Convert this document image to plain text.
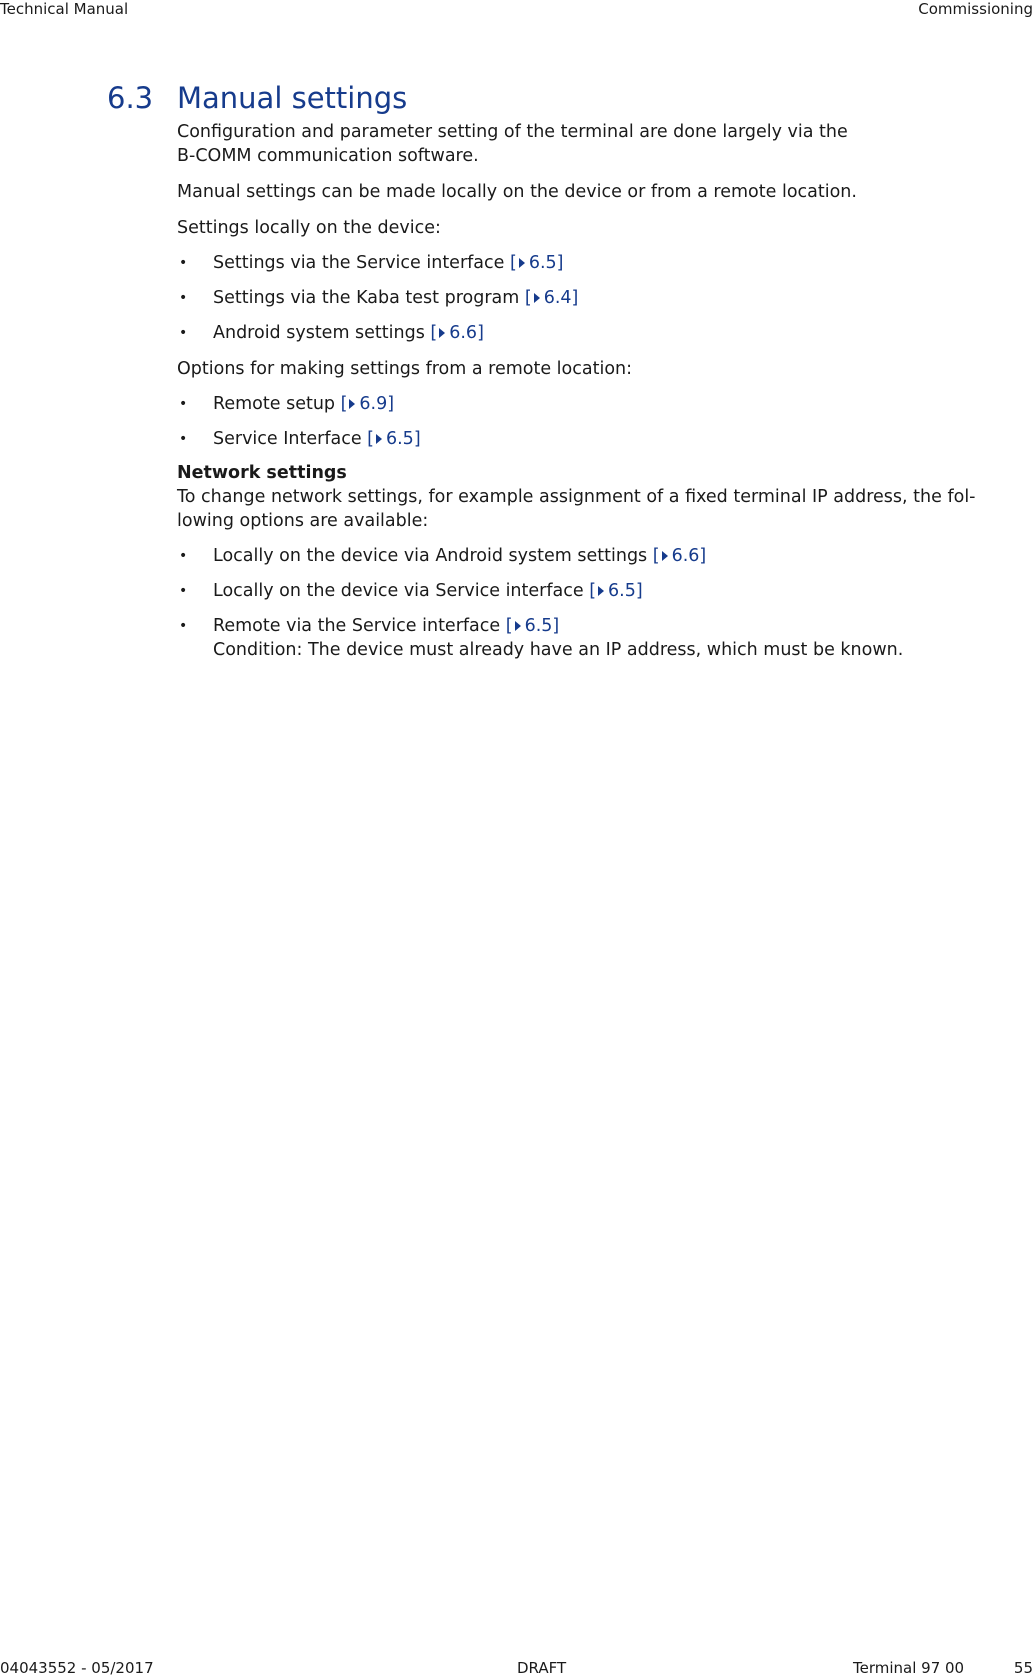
Technical Manual	Commissioning
6.3 Manual settings

Configuration and parameter setting of the terminal are done largely via the
B-COMM communication software.

Manual settings can be made locally on the device or from a remote location.

Settings locally on the device:

• Settings via the Service interface [ 6.5]
• Settings via the Kaba test program [ 6.4]
• Android system settings [ 6.6]

Options for making settings from a remote location:

• Remote setup [ 6.9]
• Service Interface [ 6.5]

Network settings

To change network settings, for example assignment of a fixed terminal IP address, the fol-
lowing options are available:

• Locally on the device via Android system settings [ 6.6]
• Locally on the device via Service interface [ 6.5]
• Remote via the Service interface [ 6.5]
Condition: The device must already have an IP address, which must be known.
04043552 - 05/2017	DRAFT	Terminal 97 00	55
